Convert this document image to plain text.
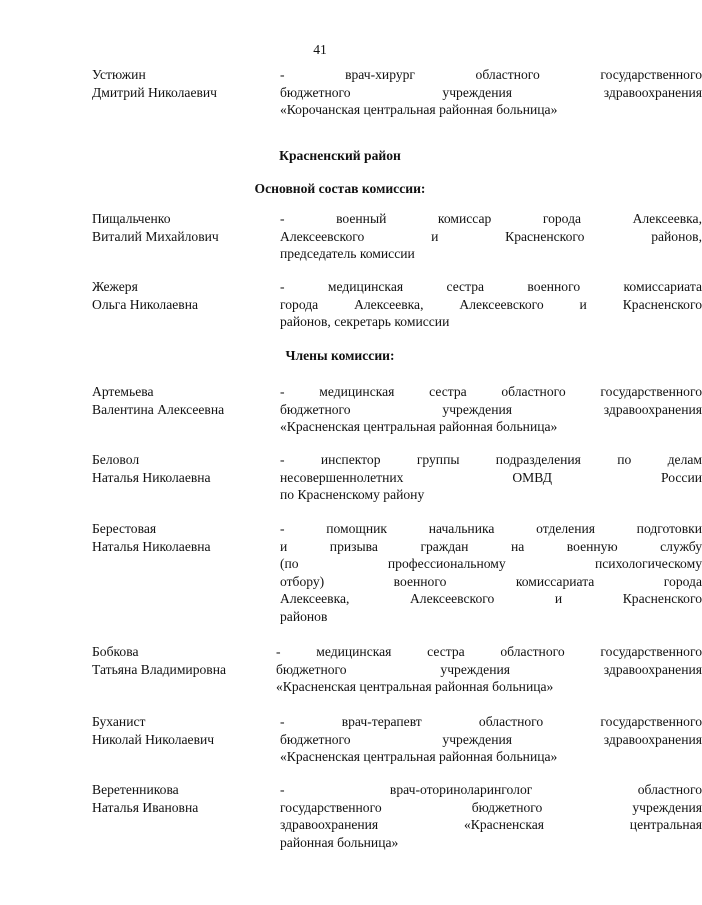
41
Устюжин
Дмитрий Николаевич
- врач-хирург областного государственного
бюджетного учреждения здравоохранения
«Корочанская центральная районная больница»
Красненский район
Основной состав комиссии:
Пищальченко
Виталий Михайлович
- военный комиссар города Алексеевка,
Алексеевского и Красненского районов,
председатель комиссии
Жежеря
Ольга Николаевна
- медицинская сестра военного комиссариата
города Алексеевка, Алексеевского и Красненского
районов, секретарь комиссии
Члены комиссии:
Артемьева
Валентина Алексеевна
- медицинская сестра областного государственного
бюджетного учреждения здравоохранения
«Красненская центральная районная больница»
Беловол
Наталья Николаевна
- инспектор группы подразделения по делам
несовершеннолетних ОМВД России
по Красненскому району
Берестовая
Наталья Николаевна
- помощник начальника отделения подготовки
и призыва граждан на военную службу
(по профессиональному психологическому
отбору) военного комиссариата города
Алексеевка, Алексеевского и Красненского
районов
Бобкова
Татьяна Владимировна
- медицинская сестра областного государственного
бюджетного учреждения здравоохранения
«Красненская центральная районная больница»
Буханист
Николай Николаевич
- врач-терапевт областного государственного
бюджетного учреждения здравоохранения
«Красненская центральная районная больница»
Веретенникова
Наталья Ивановна
- врач-оториноларинголог областного
государственного бюджетного учреждения
здравоохранения «Красненская центральная
районная больница»
